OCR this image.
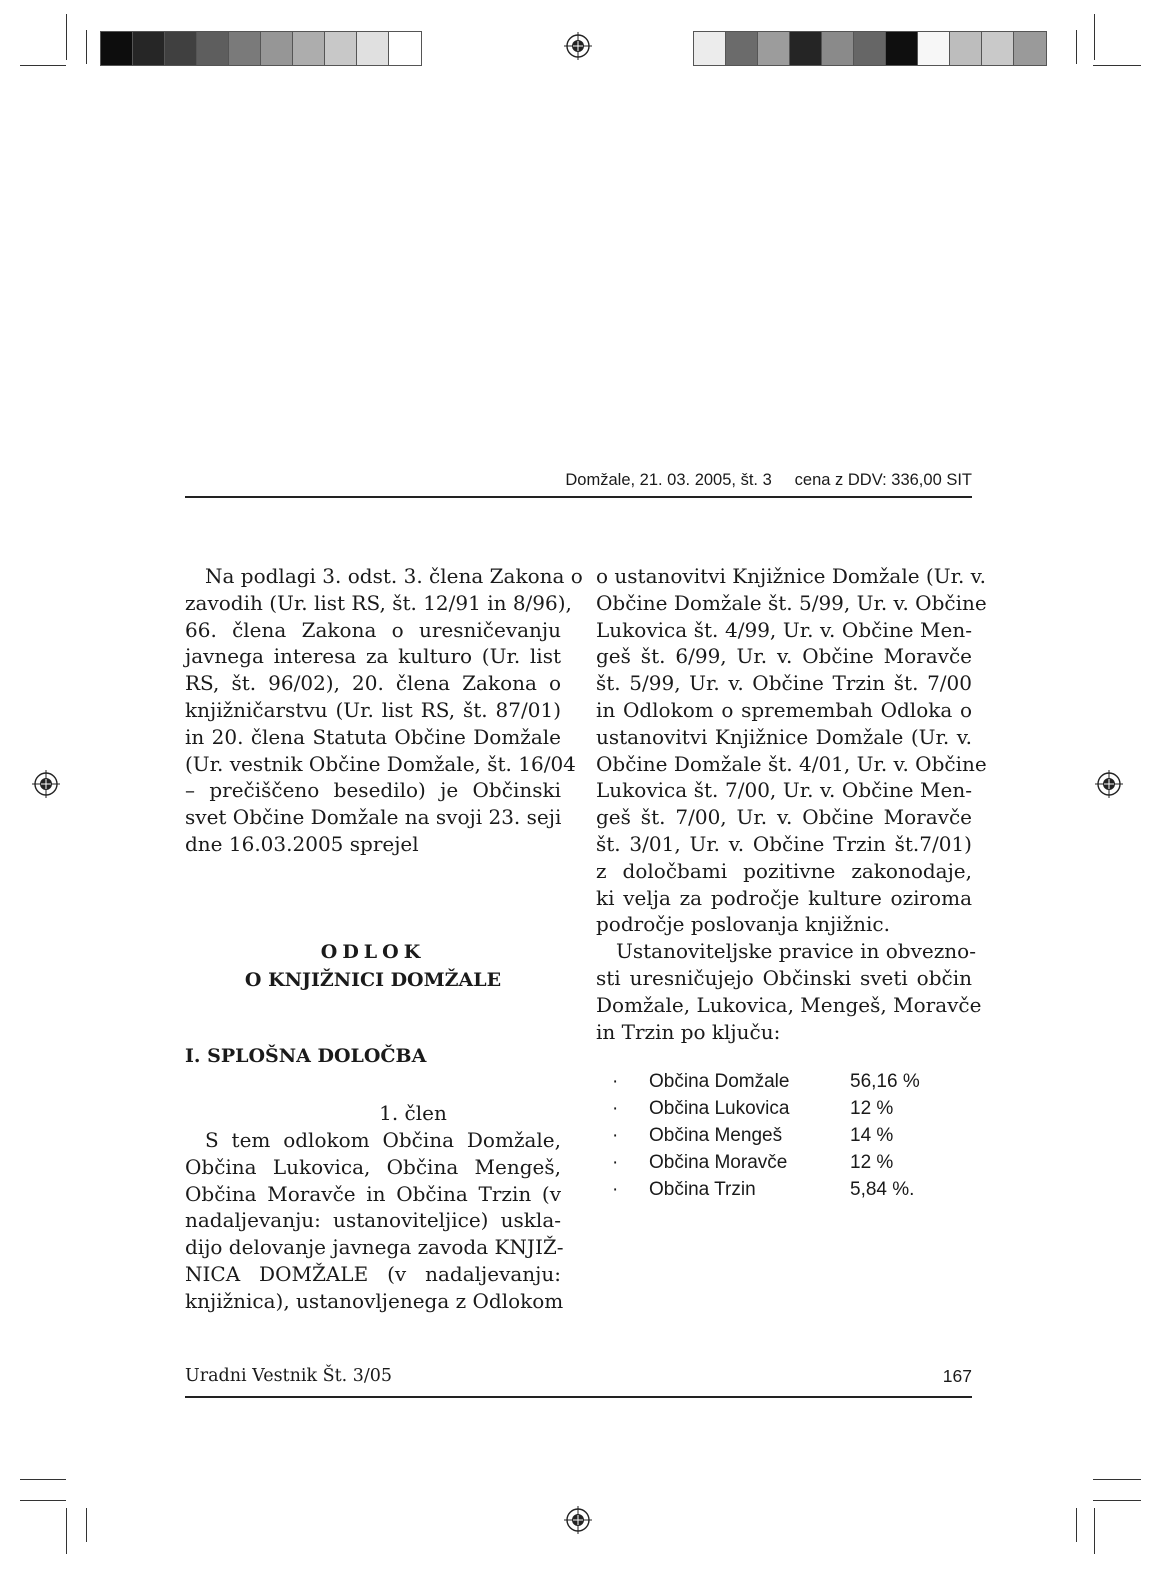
Domžale, 21. 03. 2005, št. 3     cena z DDV: 336,00 SIT

Na podlagi 3. odst. 3. člena Zakona o

zavodih (Ur. list RS, št. 12/91 in 8/96),

66. člena Zakona o uresničevanju

javnega interesa za kulturo (Ur. list

RS, št. 96/02), 20. člena Zakona o

knjižničarstvu (Ur. list RS, št. 87/01)

in 20. člena Statuta Občine Domžale

(Ur. vestnik Občine Domžale, št. 16/04

– prečiščeno besedilo) je Občinski

svet Občine Domžale na svoji 23. seji

dne 16.03.2005 sprejel

ODLOK
O KNJIŽNICI DOMŽALE
I. SPLOŠNA DOLOČBA
1. člen

S tem odlokom Občina Domžale,

Občina Lukovica, Občina Mengeš,

Občina Moravče in Občina Trzin (v

nadaljevanju: ustanoviteljice) uskla-

dijo delovanje javnega zavoda KNJIŽ-

NICA DOMŽALE (v nadaljevanju:

knjižnica), ustanovljenega z Odlokom

o ustanovitvi Knjižnice Domžale (Ur. v.

Občine Domžale št. 5/99, Ur. v. Občine

Lukovica št. 4/99, Ur. v. Občine Men-

geš št. 6/99, Ur. v. Občine Moravče

št. 5/99, Ur. v. Občine Trzin št. 7/00

in Odlokom o spremembah Odloka o

ustanovitvi Knjižnice Domžale (Ur. v.

Občine Domžale št. 4/01, Ur. v. Občine

Lukovica št. 7/00, Ur. v. Občine Men-

geš št. 7/00, Ur. v. Občine Moravče

št. 3/01, Ur. v. Občine Trzin št.7/01)

z določbami pozitivne zakonodaje,

ki velja za področje kulture oziroma

področje poslovanja knjižnic.

Ustanoviteljske pravice in obvezno-

sti uresničujejo Občinski sveti občin

Domžale, Lukovica, Mengeš, Moravče

in Trzin po ključu:

·	Občina Domžale	56,16 %
·	Občina Lukovica	12 %
·	Občina Mengeš	14 %
·	Občina Moravče	12 %
·	Občina Trzin	5,84 %.
Uradni Vestnik Št. 3/05	167
